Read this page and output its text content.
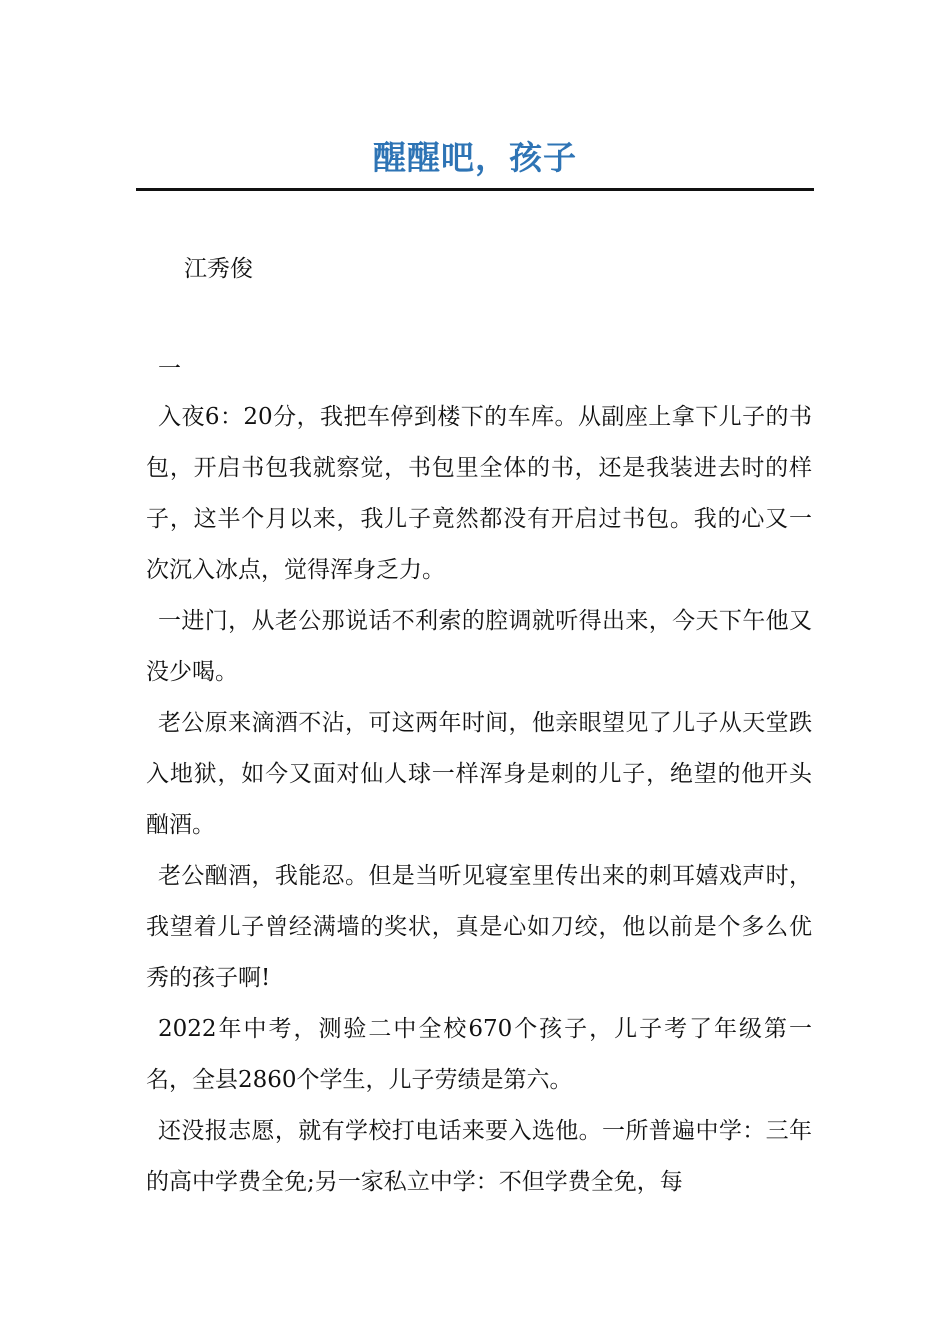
醒醒吧，孩子
江秀俊
一

入夜6：20分，我把车停到楼下的车库。从副座上拿下儿子的书包，开启书包我就察觉，书包里全体的书，还是我装进去时的样子，这半个月以来，我儿子竟然都没有开启过书包。我的心又一次沉入冰点，觉得浑身乏力。

一进门，从老公那说话不利索的腔调就听得出来，今天下午他又没少喝。

老公原来滴酒不沾，可这两年时间，他亲眼望见了儿子从天堂跌入地狱，如今又面对仙人球一样浑身是刺的儿子，绝望的他开头酗酒。

老公酗酒，我能忍。但是当听见寝室里传出来的刺耳嬉戏声时，我望着儿子曾经满墙的奖状，真是心如刀绞，他以前是个多么优秀的孩子啊!

2022年中考，测验二中全校670个孩子，儿子考了年级第一名，全县2860个学生，儿子劳绩是第六。

还没报志愿，就有学校打电话来要入选他。一所普遍中学：三年的高中学费全免;另一家私立中学：不但学费全免，每
